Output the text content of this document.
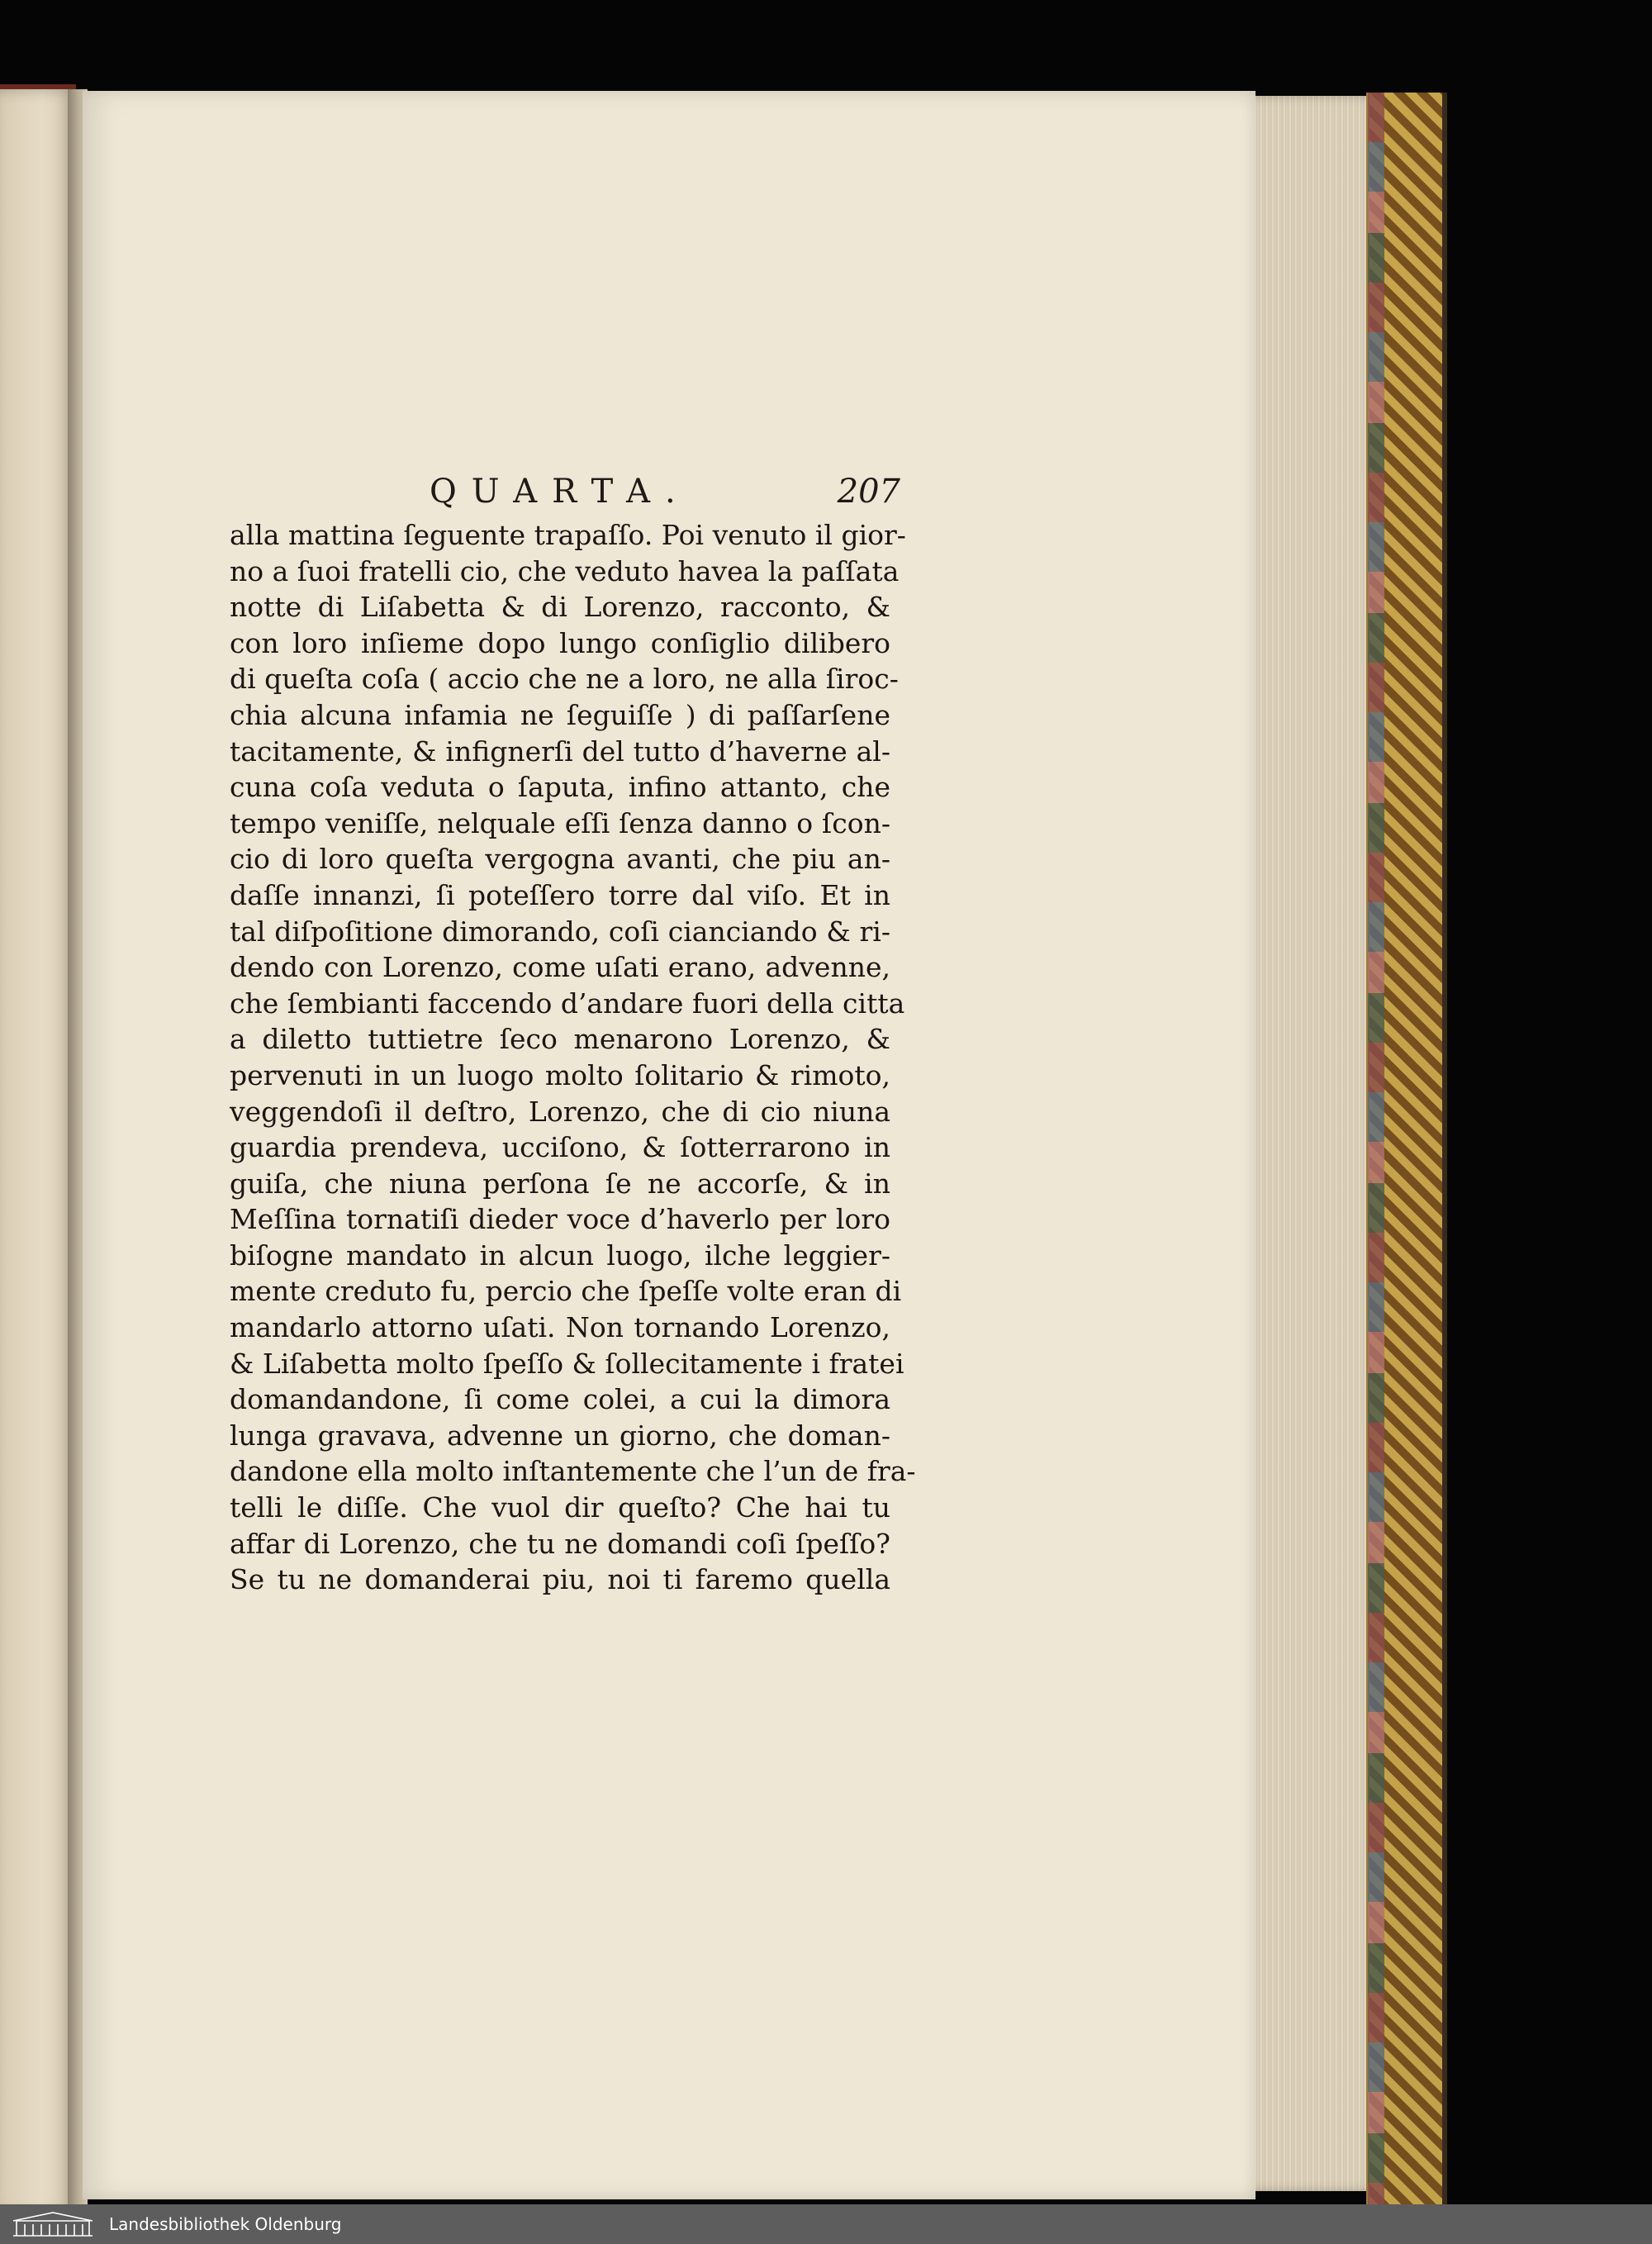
QUARTA.	207
alla mattina ſeguente trapaſſo. Poi venuto il gior-
no a ſuoi fratelli cio, che veduto havea la paſſata
notte di Liſabetta & di Lorenzo, racconto, &
con loro inſieme dopo lungo conſiglio dilibero
di queſta coſa ( accio che ne a loro, ne alla ſiroc-
chia alcuna infamia ne ſeguiſſe ) di paſſarſene
tacitamente, & infignerſi del tutto d’haverne al-
cuna coſa veduta o ſaputa, infino attanto, che
tempo veniſſe, nelquale eſſi ſenza danno o ſcon-
cio di loro queſta vergogna avanti, che piu an-
daſſe innanzi, ſi poteſſero torre dal viſo. Et in
tal diſpoſitione dimorando, coſi cianciando & ri-
dendo con Lorenzo, come uſati erano, advenne,
che ſembianti faccendo d’andare fuori della citta
a diletto tuttietre ſeco menarono Lorenzo, &
pervenuti in un luogo molto ſolitario & rimoto,
veggendoſi il deſtro, Lorenzo, che di cio niuna
guardia prendeva, ucciſono, & ſotterrarono in
guiſa, che niuna perſona ſe ne accorſe, & in
Meſſina tornatiſi dieder voce d’haverlo per loro
biſogne mandato in alcun luogo, ilche leggier-
mente creduto fu, percio che ſpeſſe volte eran di
mandarlo attorno uſati. Non tornando Lorenzo,
& Liſabetta molto ſpeſſo & ſollecitamente i fratei
domandandone, ſi come colei, a cui la dimora
lunga gravava, advenne un giorno, che doman-
dandone ella molto inſtantemente che l’un de fra-
telli le diſſe. Che vuol dir queſto? Che hai tu
affar di Lorenzo, che tu ne domandi coſi ſpeſſo?
Se tu ne domanderai piu, noi ti faremo quella
Landesbibliothek Oldenburg
